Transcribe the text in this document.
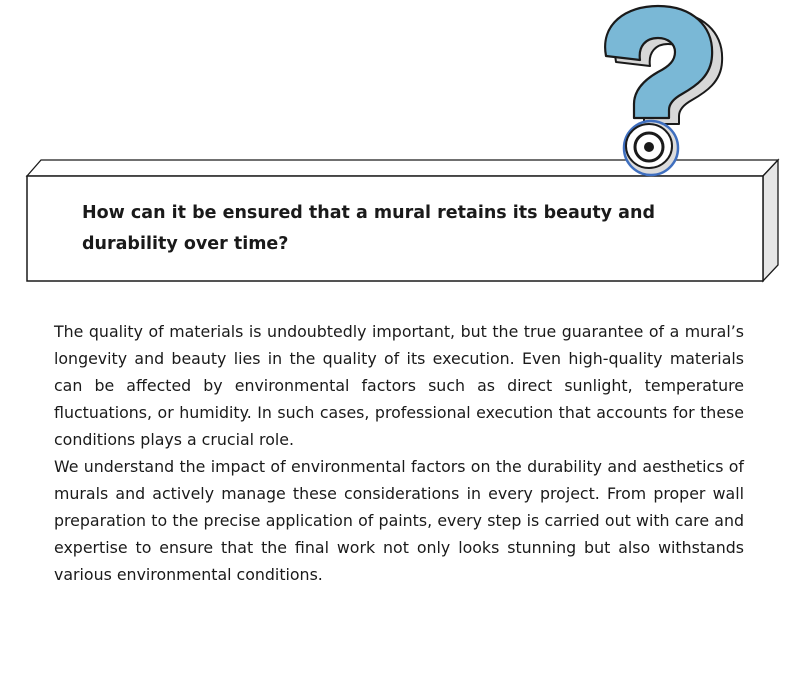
How can it be ensured that a mural retains its beauty and durability over time?

The quality of materials is undoubtedly important, but the true guarantee of a mural’s longevity and beauty lies in the quality of its execution. Even high-quality materials can be affected by environmental factors such as direct sunlight, temperature fluctuations, or humidity. In such cases, professional execution that accounts for these conditions plays a crucial role.

We understand the impact of environmental factors on the durability and aesthetics of murals and actively manage these considerations in every project. From proper wall preparation to the precise application of paints, every step is carried out with care and expertise to ensure that the final work not only looks stunning but also withstands various environmental conditions.
